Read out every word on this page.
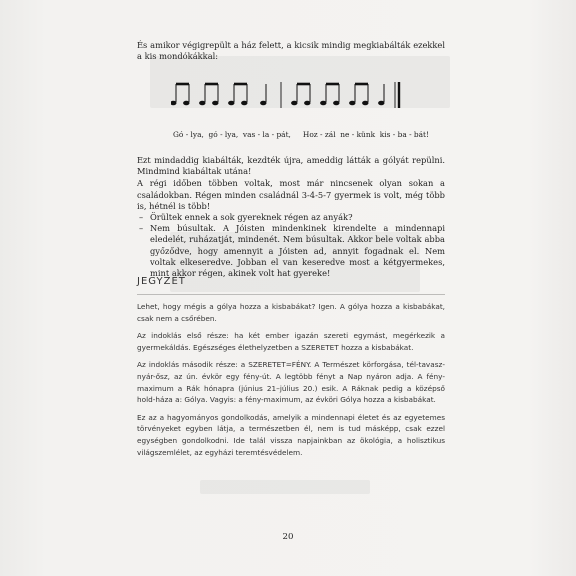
És amikor végigrepült a ház felett, a kicsik mindig megkiabálták ezekkel a kis mondókákkal:

Gó - lya,  gó - lya,  vas - la - pát, Hoz - zál  ne - künk  kis - ba - bát!

Ezt mindaddig kiabálták, kezdték újra, ameddig látták a gólyát repülni. Mindmind kiabáltak utána!

A régi időben többen voltak, most már nincsenek olyan sokan a családokban. Régen minden családnál 3-4-5-7 gyermek is volt, még több is, hétnél is több!

– Örültek ennek a sok gyereknek régen az anyák?

– Nem búsultak. A Jóisten mindenkinek kirendelte a mindennapi eledelét, ruházatját, mindenét. Nem búsultak. Akkor bele voltak abba győződve, hogy amennyit a Jóisten ad, annyit fogadnak el. Nem voltak elkeseredve. Jobban el van keseredve most a kétgyermekes, mint akkor régen, akinek volt hat gyereke!

JEGYZET

Lehet, hogy mégis a gólya hozza a kisbabákat? Igen. A gólya hozza a kisbabákat, csak nem a csőrében.

Az indoklás első része: ha két ember igazán szereti egymást, megérkezik a gyermekáldás. Egészséges élethelyzetben a SZERETET hozza a kisbabákat.

Az indoklás második része: a SZERETET=FÉNY. A Természet körforgása, tél-tavasz-nyár-ősz, az ún. évkör egy fény-út. A legtöbb fényt a Nap nyáron adja. A fény-maximum a Rák hónapra (június 21–július 20.) esik. A Ráknak pedig a középső hold-háza a: Gólya. Vagyis: a fény-maximum, az évköri Gólya hozza a kisbabákat.

Ez az a hagyományos gondolkodás, amelyik a mindennapi életet és az egyetemes törvényeket egyben látja, a természetben él, nem is tud másképp, csak ezzel egységben gondolkodni. Ide talál vissza napjainkban az ökológia, a holisztikus világszemlélet, az egyházi teremtésvédelem.

20
